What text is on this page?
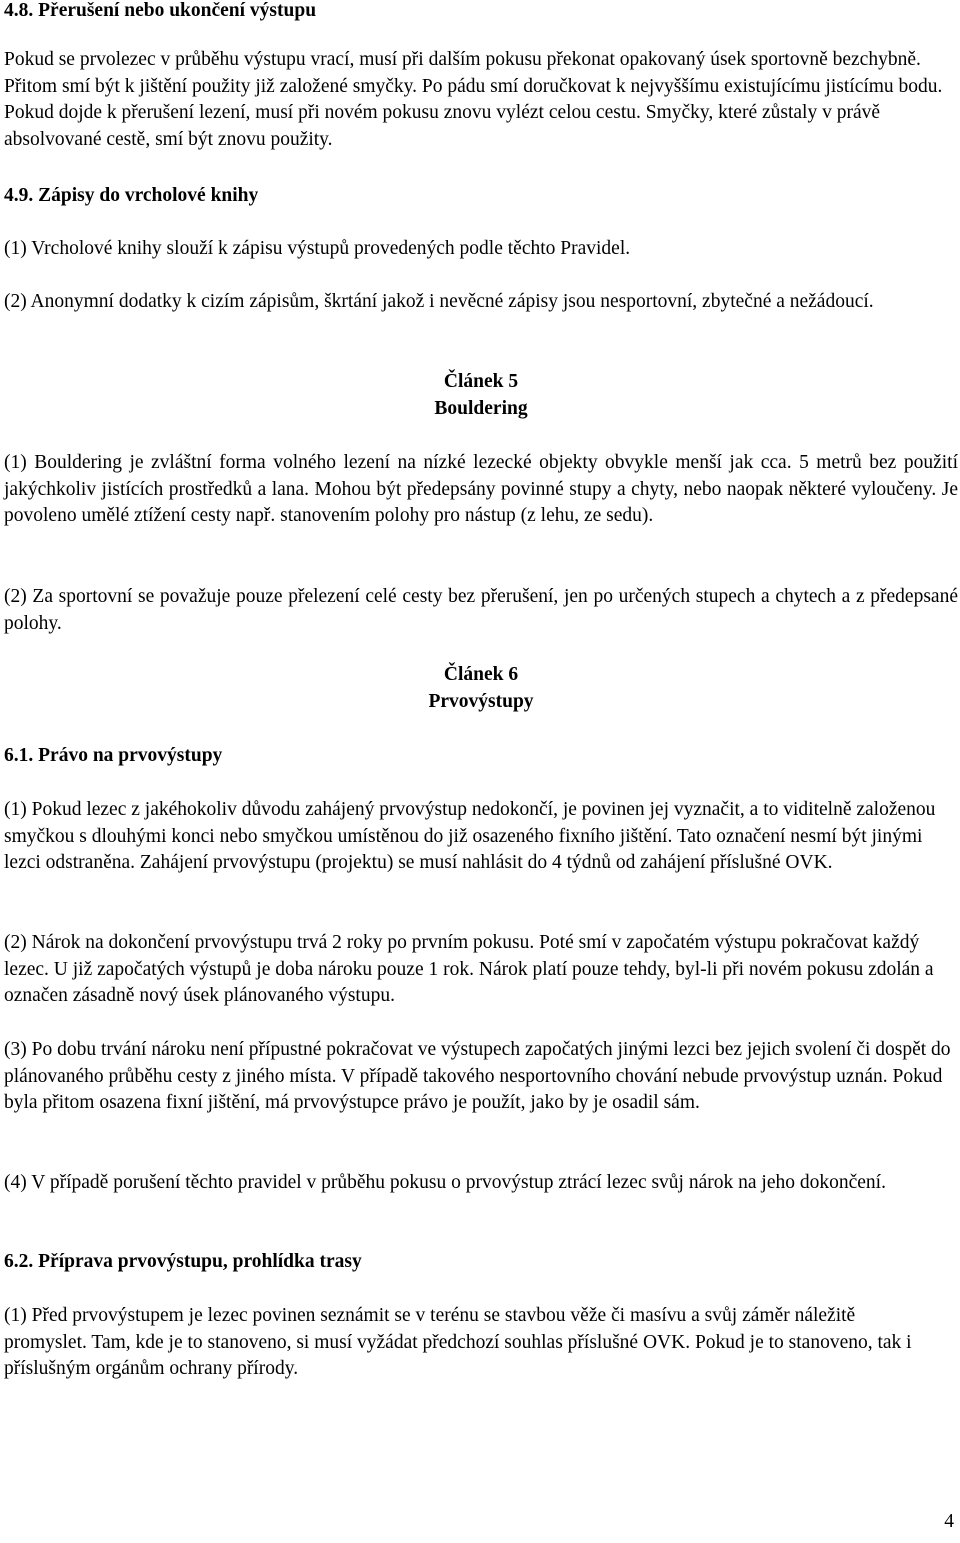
4.8. Přerušení nebo ukončení výstupu

Pokud se prvolezec v průběhu výstupu vrací, musí při dalším pokusu překonat opakovaný úsek sportovně bezchybně. Přitom smí být k jištění použity již založené smyčky. Po pádu smí doručkovat k nejvyššímu existujícímu jistícímu bodu. Pokud dojde k přerušení lezení, musí při novém pokusu znovu vylézt celou cestu. Smyčky, které zůstaly v právě absolvované cestě, smí být znovu použity.

4.9. Zápisy do vrcholové knihy

(1) Vrcholové knihy slouží k zápisu výstupů provedených podle těchto Pravidel.

(2) Anonymní dodatky k cizím zápisům, škrtání jakož i nevěcné zápisy jsou nesportovní, zbytečné a nežádoucí.

Článek 5

Bouldering

(1) Bouldering je zvláštní forma volného lezení na nízké lezecké objekty obvykle menší jak cca. 5 metrů bez použití jakýchkoliv jistících prostředků a lana. Mohou být předepsány povinné stupy a chyty, nebo naopak některé vyloučeny. Je povoleno umělé ztížení cesty např. stanovením polohy pro nástup (z lehu, ze sedu).

(2) Za sportovní se považuje pouze přelezení celé cesty bez přerušení, jen po určených stupech a chytech a z předepsané polohy.

Článek 6

Prvovýstupy

6.1. Právo na prvovýstupy

(1) Pokud lezec z jakéhokoliv důvodu zahájený prvovýstup nedokončí, je povinen jej vyznačit, a to viditelně založenou smyčkou s dlouhými konci nebo smyčkou umístěnou do již osazeného fixního jištění. Tato označení nesmí být jinými lezci odstraněna. Zahájení prvovýstupu (projektu) se musí nahlásit do 4 týdnů od zahájení příslušné OVK.

(2) Nárok na dokončení prvovýstupu trvá 2 roky po prvním pokusu. Poté smí v započatém výstupu pokračovat každý lezec. U již započatých výstupů je doba nároku pouze 1 rok. Nárok platí pouze tehdy, byl-li při novém pokusu zdolán a označen zásadně nový úsek plánovaného výstupu.

(3) Po dobu trvání nároku není přípustné pokračovat ve výstupech započatých jinými lezci bez jejich svolení či dospět do plánovaného průběhu cesty z jiného místa. V případě takového nesportovního chování nebude prvovýstup uznán. Pokud byla přitom osazena fixní jištění, má prvovýstupce právo je použít, jako by je osadil sám.

(4) V případě porušení těchto pravidel v průběhu pokusu o prvovýstup ztrácí lezec svůj nárok na jeho dokončení.

6.2. Příprava prvovýstupu, prohlídka trasy

(1) Před prvovýstupem je lezec povinen seznámit se v terénu se stavbou věže či masívu a svůj záměr náležitě promyslet. Tam, kde je to stanoveno, si musí vyžádat předchozí souhlas příslušné OVK. Pokud je to stanoveno, tak i příslušným orgánům ochrany přírody.

4
